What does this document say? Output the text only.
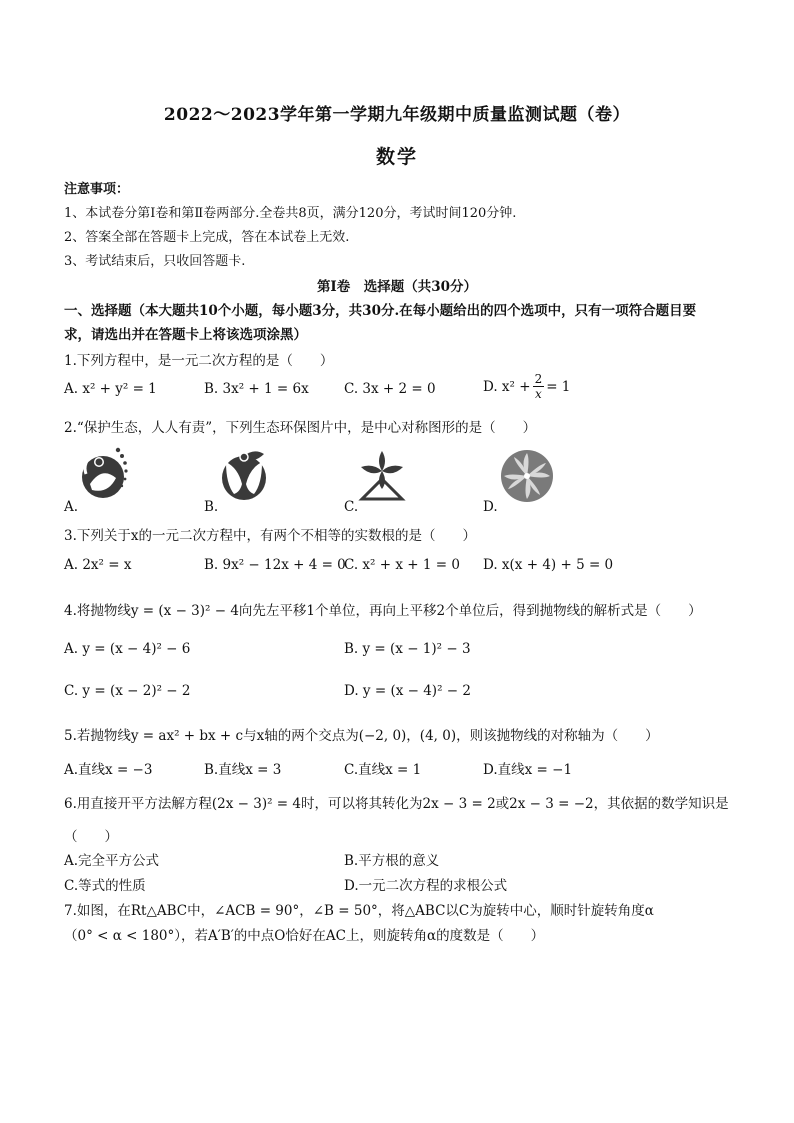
2022～2023学年第一学期九年级期中质量监测试题（卷）
数学
注意事项：
1、本试卷分第Ⅰ卷和第Ⅱ卷两部分.全卷共8页，满分120分，考试时间120分钟.
2、答案全部在答题卡上完成，答在本试卷上无效.
3、考试结束后，只收回答题卡.
第Ⅰ卷　选择题（共30分）
一、选择题（本大题共10个小题，每小题3分，共30分.在每小题给出的四个选项中，只有一项符合题目要
求，请选出并在答题卡上将该选项涂黑）
1.下列方程中，是一元二次方程的是（　　）
A. x² + y² = 1	B. 3x² + 1 = 6x	C. 3x + 2 = 0	D. $x^2 + \frac{2}{x} = 1$
2.“保护生态，人人有责”，下列生态环保图片中，是中心对称图形的是（　　）
A.	B.	C.	D.
3.下列关于x的一元二次方程中，有两个不相等的实数根的是（　　）
A. 2x² = x	B. 9x² − 12x + 4 = 0
C. x² + x + 1 = 0 D. x(x + 4) + 5 = 0
4.将抛物线y = (x − 3)² − 4向先左平移1个单位，再向上平移2个单位后，得到抛物线的解析式是（　　）
A. y = (x − 4)² − 6	B. y = (x − 1)² − 3
C. y = (x − 2)² − 2	D. y = (x − 4)² − 2
5.若抛物线y = ax² + bx + c与x轴的两个交点为(−2, 0)，(4, 0)，则该抛物线的对称轴为（　　）
A.直线x = −3	B.直线x = 3	C.直线x = 1	D.直线x = −1
6.用直接开平方法解方程(2x − 3)² = 4时，可以将其转化为2x − 3 = 2或2x − 3 = −2，其依据的数学知识是
（　　）
A.完全平方公式	B.平方根的意义
C.等式的性质	D.一元二次方程的求根公式
7.如图，在Rt△ABC中，∠ACB = 90°，∠B = 50°，将△ABC以C为旋转中心，顺时针旋转角度α
（0° < α < 180°），若A′B′的中点O恰好在AC上，则旋转角α的度数是（　　）
